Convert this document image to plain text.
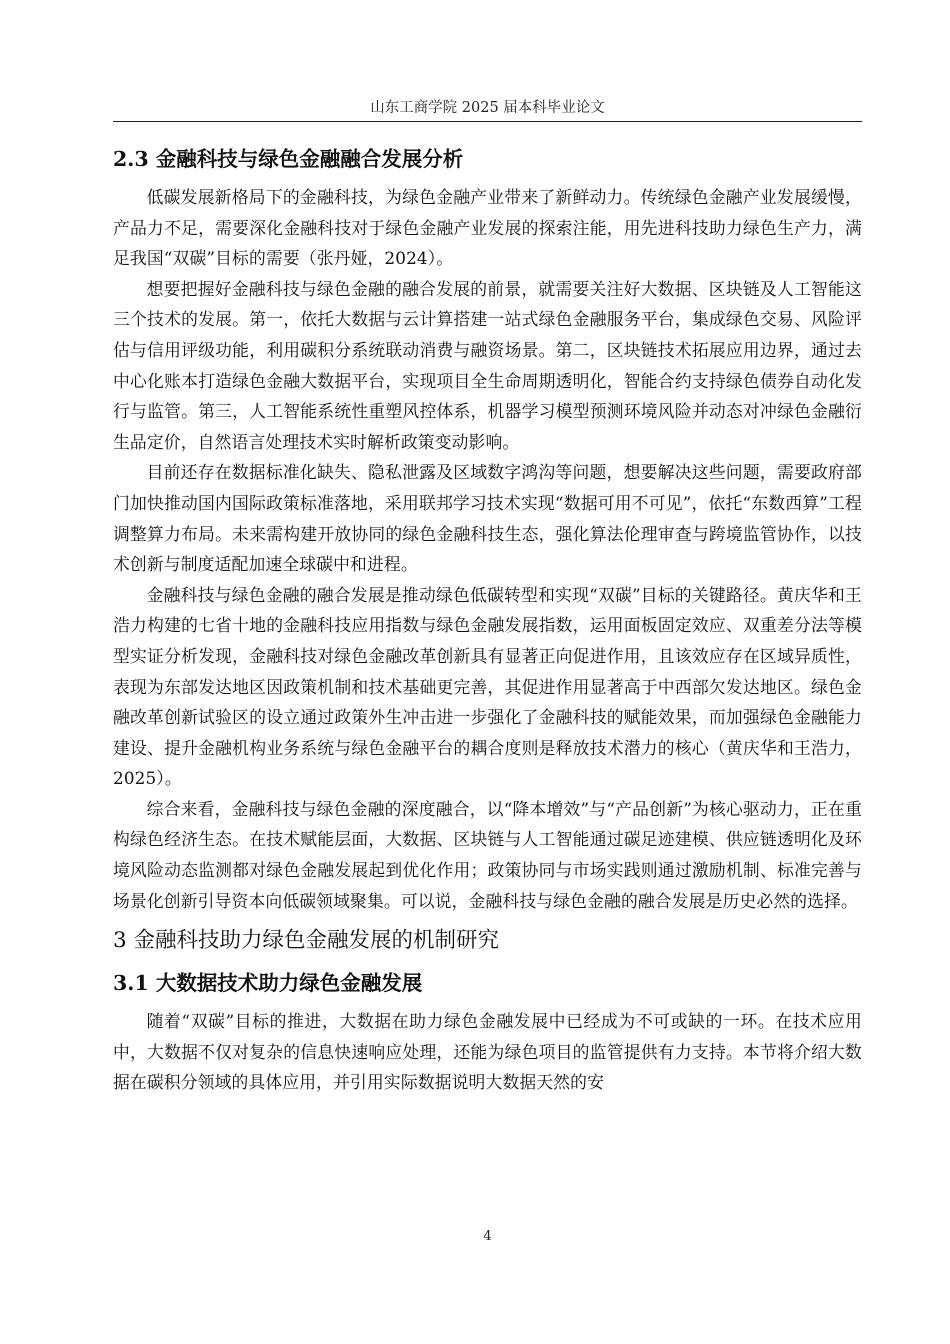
山东工商学院 2025 届本科毕业论文
2.3 金融科技与绿色金融融合发展分析

低碳发展新格局下的金融科技，为绿色金融产业带来了新鲜动力。传统绿色金融产业发展缓慢，产品力不足，需要深化金融科技对于绿色金融产业发展的探索注能，用先进科技助力绿色生产力，满足我国“双碳”目标的需要（张丹娅，2024）。

想要把握好金融科技与绿色金融的融合发展的前景，就需要关注好大数据、区块链及人工智能这三个技术的发展。第一，依托大数据与云计算搭建一站式绿色金融服务平台，集成绿色交易、风险评估与信用评级功能，利用碳积分系统联动消费与融资场景。第二，区块链技术拓展应用边界，通过去中心化账本打造绿色金融大数据平台，实现项目全生命周期透明化，智能合约支持绿色债券自动化发行与监管。第三，人工智能系统性重塑风控体系，机器学习模型预测环境风险并动态对冲绿色金融衍生品定价，自然语言处理技术实时解析政策变动影响。

目前还存在数据标准化缺失、隐私泄露及区域数字鸿沟等问题，想要解决这些问题，需要政府部门加快推动国内国际政策标准落地，采用联邦学习技术实现“数据可用不可见”，依托“东数西算”工程调整算力布局。未来需构建开放协同的绿色金融科技生态，强化算法伦理审查与跨境监管协作，以技术创新与制度适配加速全球碳中和进程。

金融科技与绿色金融的融合发展是推动绿色低碳转型和实现“双碳”目标的关键路径。黄庆华和王浩力构建的七省十地的金融科技应用指数与绿色金融发展指数，运用面板固定效应、双重差分法等模型实证分析发现，金融科技对绿色金融改革创新具有显著正向促进作用，且该效应存在区域异质性，表现为东部发达地区因政策机制和技术基础更完善，其促进作用显著高于中西部欠发达地区。绿色金融改革创新试验区的设立通过政策外生冲击进一步强化了金融科技的赋能效果，而加强绿色金融能力建设、提升金融机构业务系统与绿色金融平台的耦合度则是释放技术潜力的核心（黄庆华和王浩力，2025）。

综合来看，金融科技与绿色金融的深度融合，以“降本增效”与“产品创新”为核心驱动力，正在重构绿色经济生态。在技术赋能层面，大数据、区块链与人工智能通过碳足迹建模、供应链透明化及环境风险动态监测都对绿色金融发展起到优化作用；政策协同与市场实践则通过激励机制、标准完善与场景化创新引导资本向低碳领域聚集。可以说，金融科技与绿色金融的融合发展是历史必然的选择。

3 金融科技助力绿色金融发展的机制研究
3.1 大数据技术助力绿色金融发展

随着“双碳”目标的推进，大数据在助力绿色金融发展中已经成为不可或缺的一环。在技术应用中，大数据不仅对复杂的信息快速响应处理，还能为绿色项目的监管提供有力支持。本节将介绍大数据在碳积分领域的具体应用，并引用实际数据说明大数据天然的安

4
